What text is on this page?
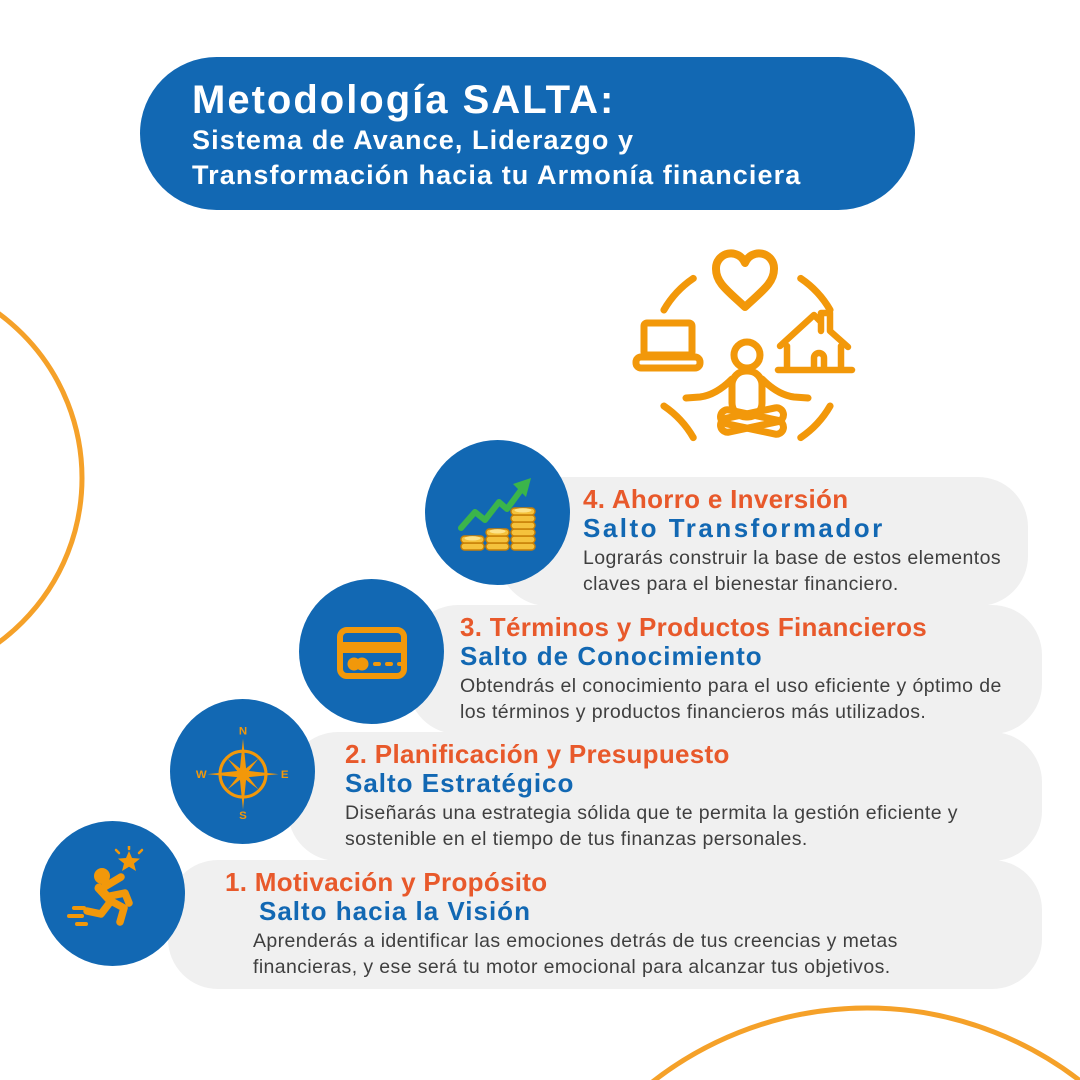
Metodología SALTA:
Sistema de Avance, Liderazgo y
Transformación hacia tu Armonía financiera
4. Ahorro e Inversión
Salto Transformador
Lograrás construir la base de estos elementos claves para el bienestar financiero.
3. Términos y Productos Financieros
Salto de Conocimiento
Obtendrás el conocimiento para el uso eficiente y óptimo de los términos y productos financieros más utilizados.
2. Planificación y Presupuesto
Salto Estratégico
Diseñarás una estrategia sólida que te permita la gestión eficiente y sostenible en el tiempo de tus finanzas personales.
N
S
W	E
1. Motivación y Propósito
Salto hacia la Visión
Aprenderás a identificar las emociones detrás de tus creencias y metas financieras, y ese será tu motor emocional para alcanzar tus objetivos.
